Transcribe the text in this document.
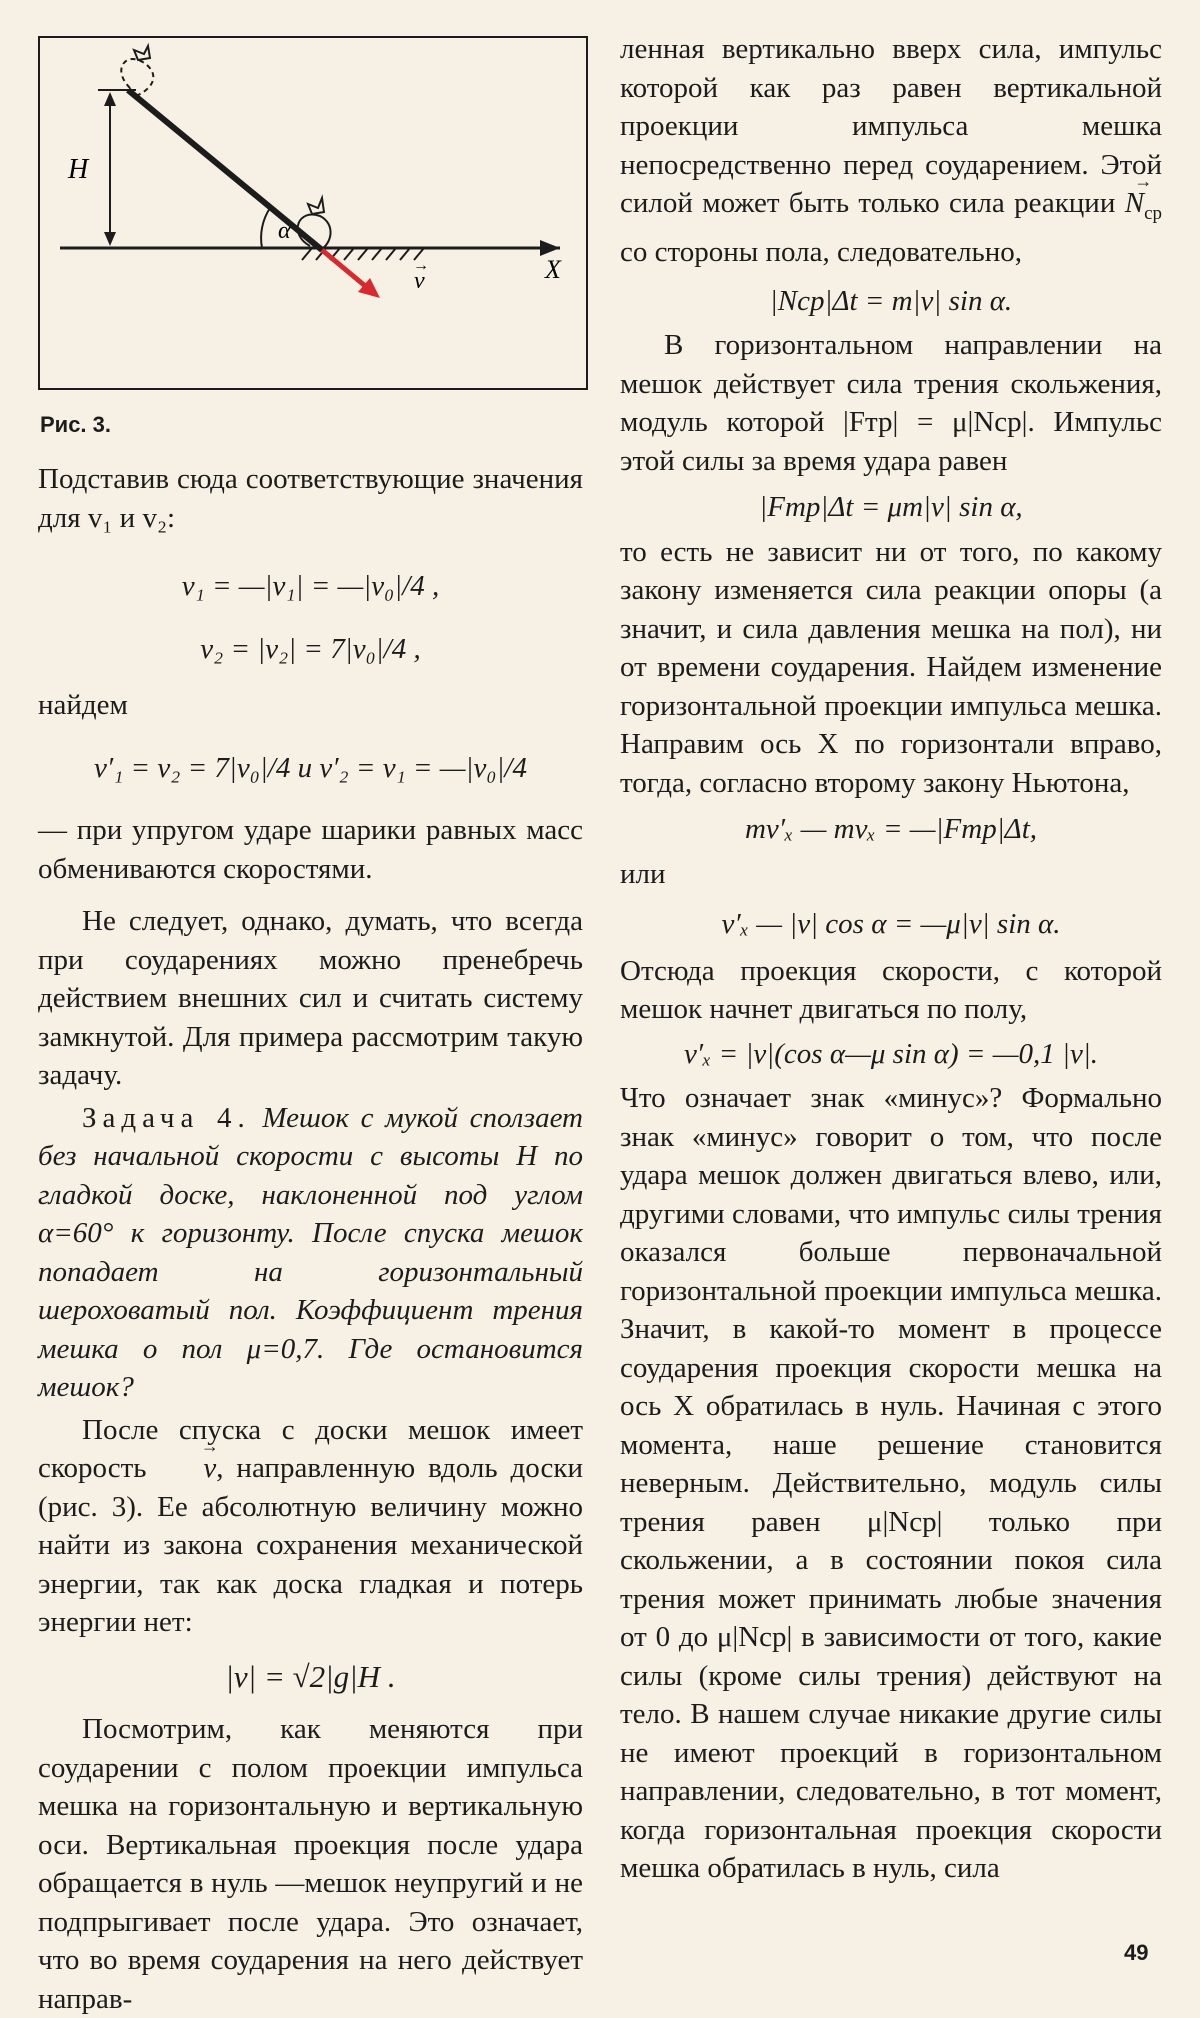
H
α
v
→	X
Рис. 3.

Подставив сюда соответствующие значения для v₁ и v₂:

v₁ = —|v₁| = —|v₀|/4 ,
v₂ = |v₂| = 7|v₀|/4 ,

найдем

v′₁ = v₂ = 7|v₀|/4 и v′₂ = v₁ = —|v₀|/4

— при упругом ударе шарики равных масс обмениваются скоростями.

Не следует, однако, думать, что всегда при соударениях можно пренебречь действием внешних сил и считать систему замкнутой. Для примера рассмотрим такую задачу.

Задача 4. Мешок с мукой сползает без начальной скорости с высоты H по гладкой доске, наклоненной под углом α=60° к горизонту. После спуска мешок попадает на горизонтальный шероховатый пол. Коэффициент трения мешка о пол μ=0,7. Где остановится мешок?

После спуска с доски мешок имеет скорость → v, направленную вдоль доски (рис. 3). Ее абсолютную величину можно найти из закона сохранения механической энергии, так как доска гладкая и потерь энергии нет:

|v| = √2|g|H .

Посмотрим, как меняются при соударении с полом проекции импульса мешка на горизонтальную и вертикальную оси. Вертикальная проекция после удара обращается в нуль —мешок неупругий и не подпрыгивает после удара. Это означает, что во время соударения на него действует направ-

ленная вертикально вверх сила, импульс которой как раз равен вертикальной проекции импульса мешка непосредственно перед соударением. Этой силой может быть только сила реакции → $N_{ср}$ со стороны пола, следовательно,

|Nср|Δt = m|v| sin α.

В горизонтальном направлении на мешок действует сила трения скольжения, модуль которой |Fтр| = μ|Nср|. Импульс этой силы за время удара равен

|Fтр|Δt = μm|v| sin α,

то есть не зависит ни от того, по какому закону изменяется сила реакции опоры (а значит, и сила давления мешка на пол), ни от времени соударения. Найдем изменение горизонтальной проекции импульса мешка. Направим ось X по горизонтали вправо, тогда, согласно второму закону Ньютона,

mv′ₓ — mvₓ = —|Fтр|Δt,

или

v′ₓ — |v| cos α = —μ|v| sin α.

Отсюда проекция скорости, с которой мешок начнет двигаться по полу,

v′ₓ = |v|(cos α—μ sin α) = —0,1 |v|.

Что означает знак «минус»? Формально знак «минус» говорит о том, что после удара мешок должен двигаться влево, или, другими словами, что импульс силы трения оказался больше первоначальной горизонтальной проекции импульса мешка. Значит, в какой-то момент в процессе соударения проекция скорости мешка на ось X обратилась в нуль. Начиная с этого момента, наше решение становится неверным. Действительно, модуль силы трения равен μ|Nср| только при скольжении, а в состоянии покоя сила трения может принимать любые значения от 0 до μ|Nср| в зависимости от того, какие силы (кроме силы трения) действуют на тело. В нашем случае никакие другие силы не имеют проекций в горизонтальном направлении, следовательно, в тот момент, когда горизонтальная проекция скорости мешка обратилась в нуль, сила

49
